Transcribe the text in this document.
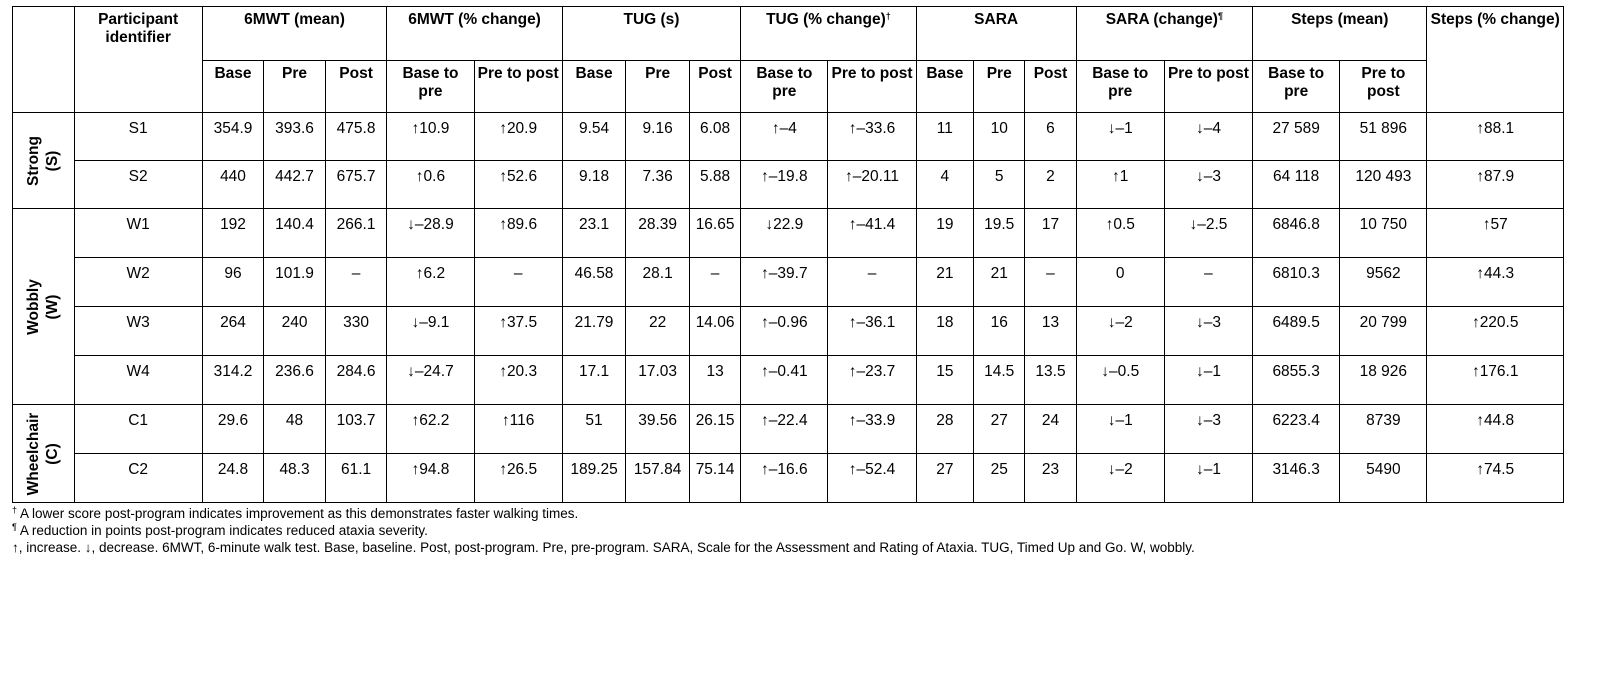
	Participant identifier	6MWT (mean)			6MWT (% change)		TUG (s)			TUG (% change)†		SARA			SARA (change)¶		Steps (mean)		Steps (% change)
		Base	Pre	Post	Base to pre	Pre to post	Base	Pre	Post	Base to pre	Pre to post	Base	Pre	Post	Base to pre	Pre to post	Base to pre	Pre to post	

Strong (S)	S1	354.9	393.6	475.8	↑10.9	↑20.9	9.54	9.16	6.08	↑–4	↑–33.6	11	10	6	↓–1	↓–4	27 589	51 896	↑88.1
	S2	440	442.7	675.7	↑0.6	↑52.6	9.18	7.36	5.88	↑–19.8	↑–20.11	4	5	2	↑1	↓–3	64 118	120 493	↑87.9

Wobbly (W)	W1	192	140.4	266.1	↓–28.9	↑89.6	23.1	28.39	16.65	↓22.9	↑–41.4	19	19.5	17	↑0.5	↓–2.5	6846.8	10 750	↑57
	W2	96	101.9	–	↑6.2	–	46.58	28.1	–	↑–39.7	–	21	21	–	0	–	6810.3	9562	↑44.3
	W3	264	240	330	↓–9.1	↑37.5	21.79	22	14.06	↑–0.96	↑–36.1	18	16	13	↓–2	↓–3	6489.5	20 799	↑220.5
	W4	314.2	236.6	284.6	↓–24.7	↑20.3	17.1	17.03	13	↑–0.41	↑–23.7	15	14.5	13.5	↓–0.5	↓–1	6855.3	18 926	↑176.1

Wheelchair (C)	C1	29.6	48	103.7	↑62.2	↑116	51	39.56	26.15	↑–22.4	↑–33.9	28	27	24	↓–1	↓–3	6223.4	8739	↑44.8
	C2	24.8	48.3	61.1	↑94.8	↑26.5	189.25	157.84	75.14	↑–16.6	↑–52.4	27	25	23	↓–2	↓–1	3146.3	5490	↑74.5

† A lower score post-program indicates improvement as this demonstrates faster walking times.

¶ A reduction in points post-program indicates reduced ataxia severity.

↑, increase. ↓, decrease. 6MWT, 6-minute walk test. Base, baseline. Post, post-program. Pre, pre-program. SARA, Scale for the Assessment and Rating of Ataxia. TUG, Timed Up and Go. W, wobbly.
